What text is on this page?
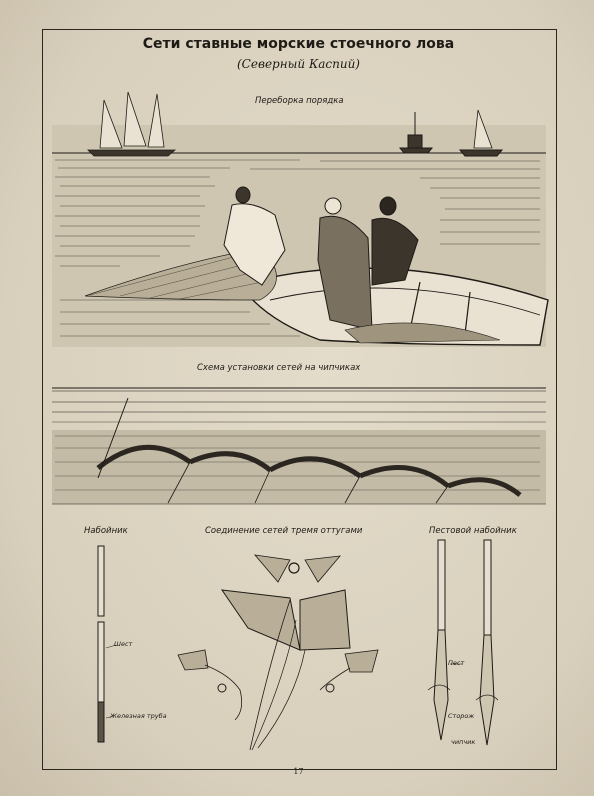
Сети ставные морские стоечного лова
(Северный Каспий)
Переборка порядка
Схема установки сетей на чипчиках
Набойник	Соединение сетей тремя оттугами	Пестовой набойник
Шест
Железная труба
Пест
Сторож
чипчик
17
